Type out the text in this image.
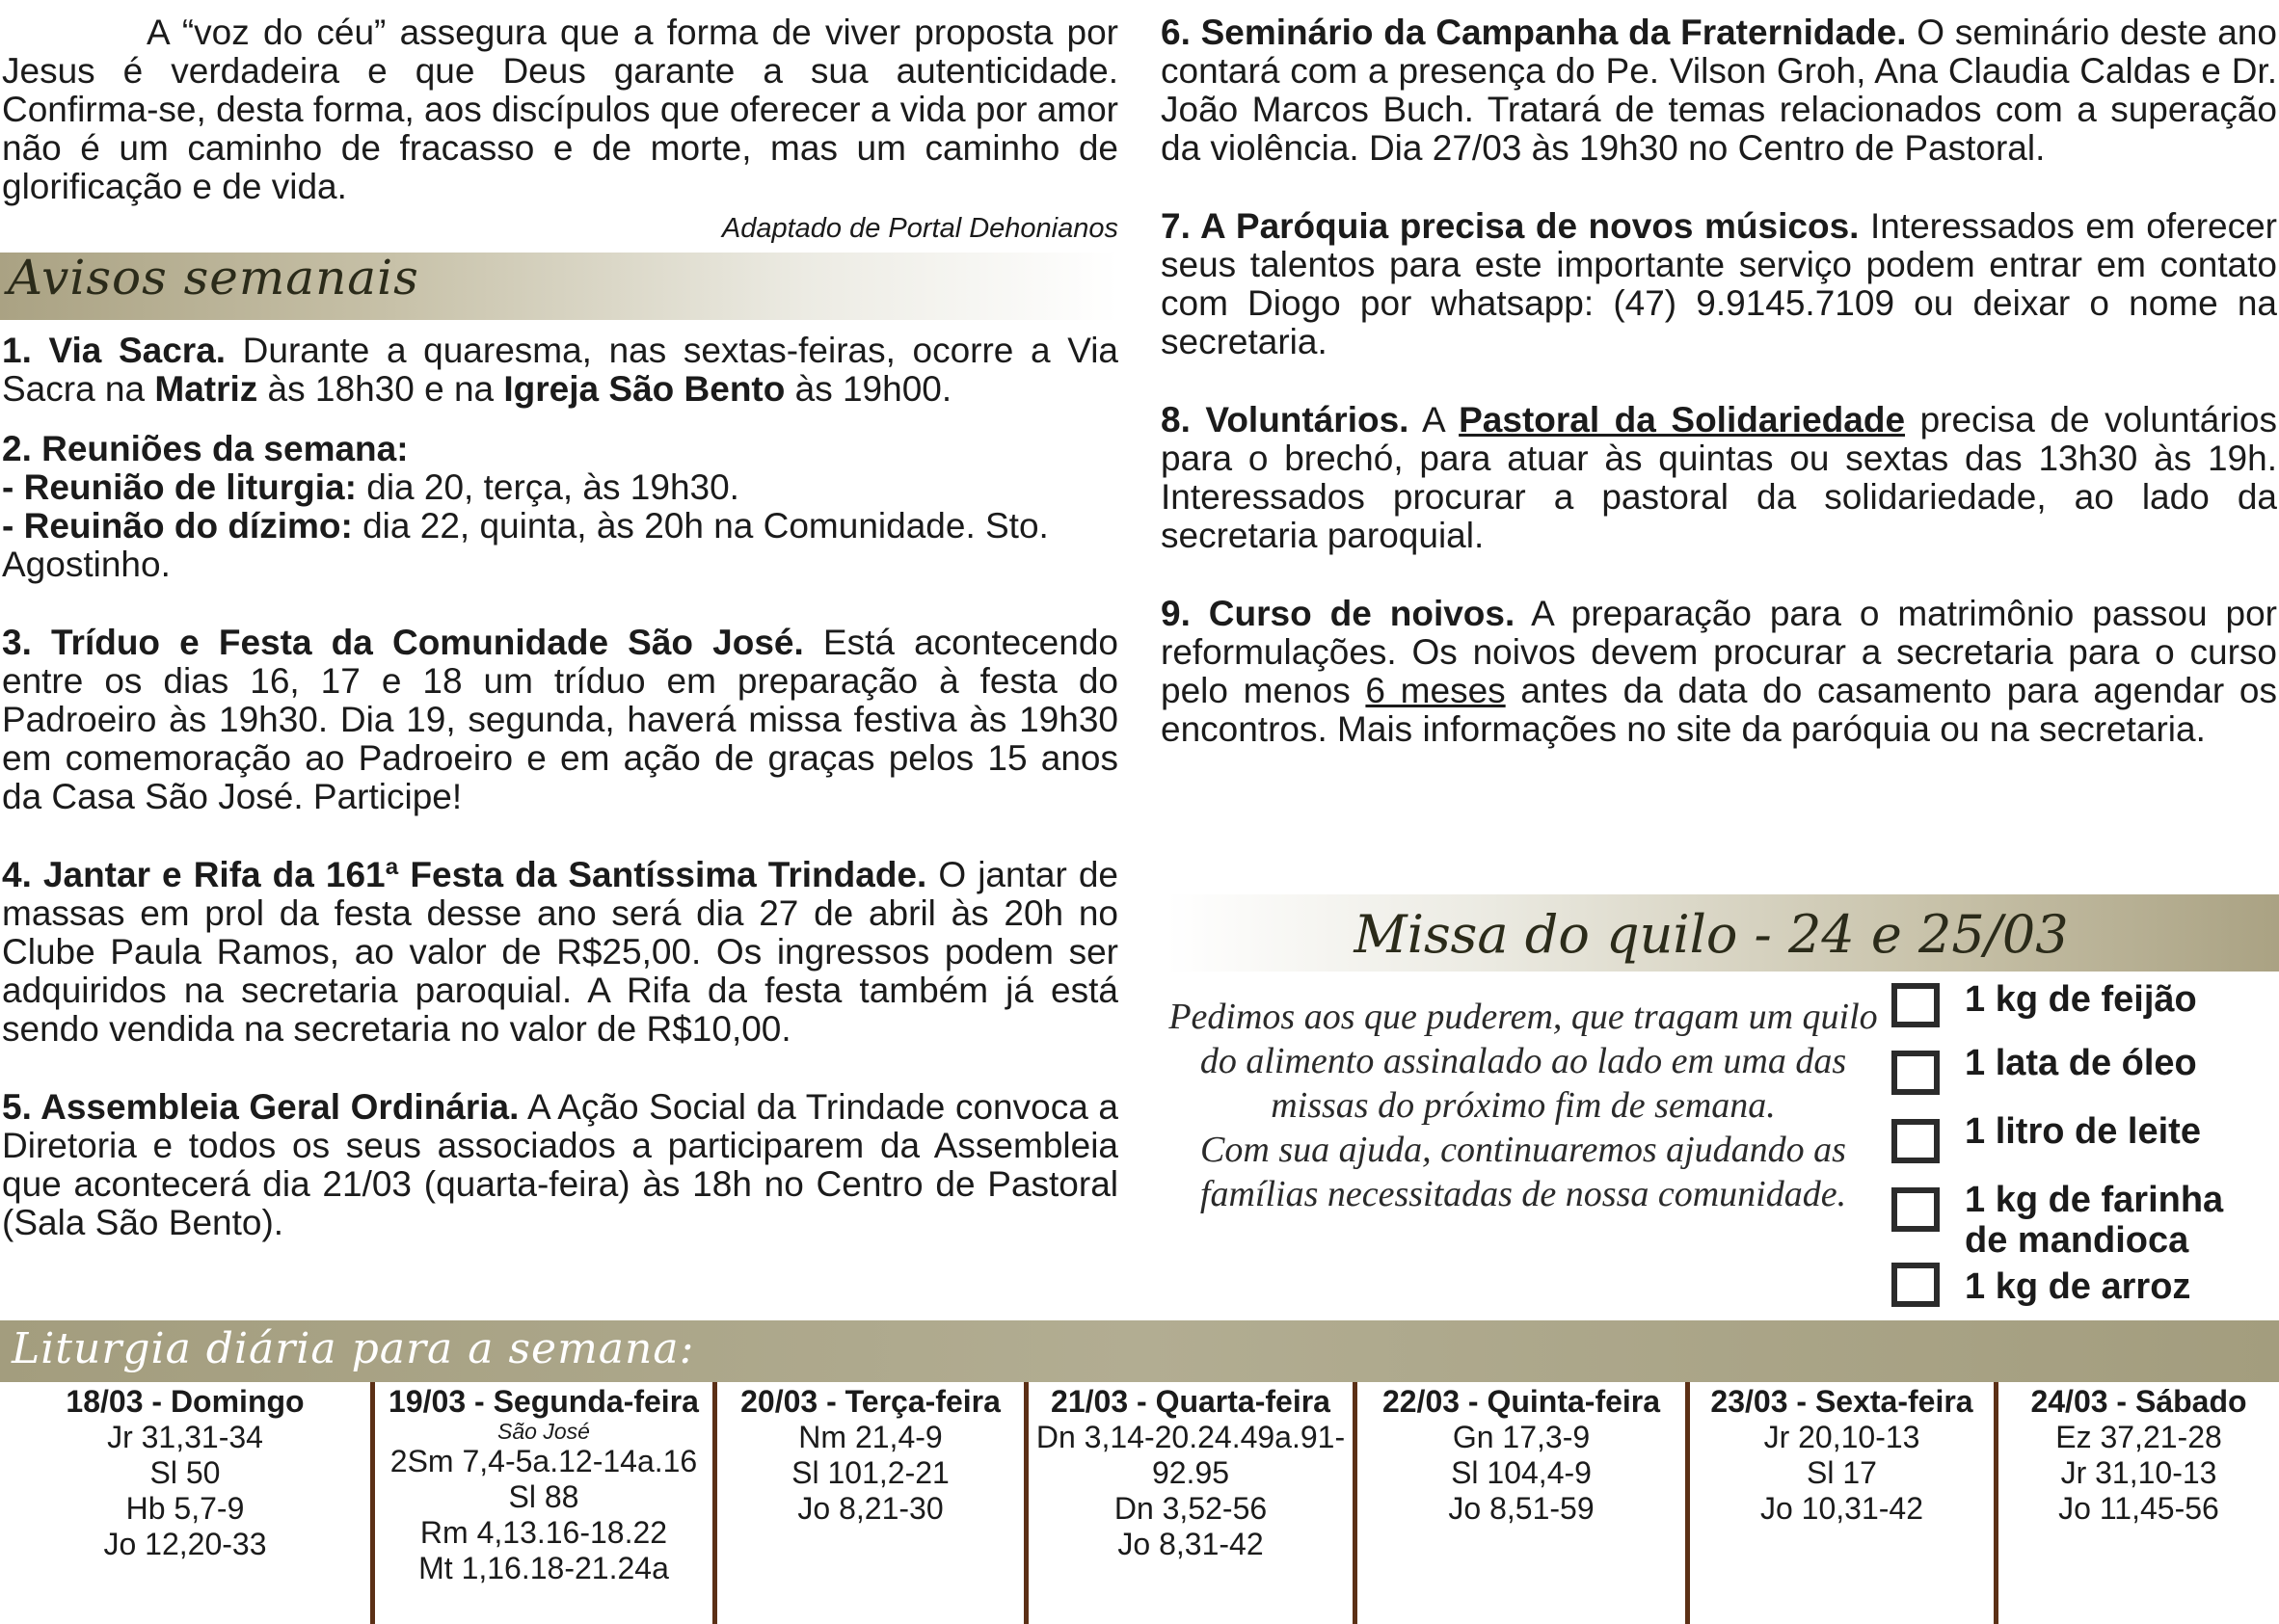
A “voz do céu” assegura que a forma de viver proposta por Jesus é verdadeira e que Deus garante a sua autenticidade. Confirma-se, desta forma, aos discípulos que oferecer a vida por amor não é um caminho de fracasso e de morte, mas um caminho de glorificação e de vida.

Adaptado de Portal Dehonianos

Avisos semanais

1. Via Sacra. Durante a quaresma, nas sextas-feiras, ocorre a Via Sacra na Matriz às 18h30 e na Igreja São Bento às 19h00.

2. Reuniões da semana:

- Reunião de liturgia: dia 20, terça, às 19h30.

- Reuinão do dízimo: dia 22, quinta, às 20h na Comunidade. Sto. Agostinho.

3. Tríduo e Festa da Comunidade São José. Está acontecendo entre os dias 16, 17 e 18 um tríduo em preparação à festa do Padroeiro às 19h30. Dia 19, segunda, haverá missa festiva às 19h30 em comemoração ao Padroeiro e em ação de graças pelos 15 anos da Casa São José. Participe!

4. Jantar e Rifa da 161ª Festa da Santíssima Trindade. O jantar de massas em prol da festa desse ano será dia 27 de abril às 20h no Clube Paula Ramos, ao valor de R$25,00. Os ingressos podem ser adquiridos na secretaria paroquial. A Rifa da festa também já está sendo vendida na secretaria no valor de R$10,00.

5. Assembleia Geral Ordinária. A Ação Social da Trindade convoca a Diretoria e todos os seus associados a participarem da Assembleia que acontecerá dia 21/03 (quarta-feira) às 18h no Centro de Pastoral (Sala São Bento).

6. Seminário da Campanha da Fraternidade. O seminário deste ano contará com a presença do Pe. Vilson Groh, Ana Claudia Caldas e Dr. João Marcos Buch. Tratará de temas relacionados com a superação da violência. Dia 27/03 às 19h30 no Centro de Pastoral.

7. A Paróquia precisa de novos músicos. Interessados em oferecer seus talentos para este importante serviço podem entrar em contato com Diogo por whatsapp: (47) 9.9145.7109 ou deixar o nome na secretaria.

8. Voluntários. A Pastoral da Solidariedade precisa de voluntários para o brechó, para atuar às quintas ou sextas das 13h30 às 19h. Interessados procurar a pastoral da solidariedade, ao lado da secretaria paroquial.

9. Curso de noivos. A preparação para o matrimônio passou por reformulações. Os noivos devem procurar a secretaria para o curso pelo menos 6 meses antes da data do casamento para agendar os encontros. Mais informações no site da paróquia ou na secretaria.

Missa do quilo - 24 e 25/03
Pedimos aos que puderem, que tragam um quilo do alimento assinalado ao lado em uma das missas do próximo fim de semana.
Com sua ajuda, continuaremos ajudando as famílias necessitadas de nossa comunidade.
1 kg de feijão
1 lata de óleo
1 litro de leite
1 kg de farinha de mandioca
1 kg de arroz
Liturgia diária para a semana:
18/03 - Domingo
Jr 31,31-34
Sl 50
Hb 5,7-9
Jo 12,20-33
19/03 - Segunda-feira
São José
2Sm 7,4-5a.12-14a.16
Sl 88
Rm 4,13.16-18.22
Mt 1,16.18-21.24a
20/03 - Terça-feira
Nm 21,4-9
Sl 101,2-21
Jo 8,21-30
21/03 - Quarta-feira
Dn 3,14-20.24.49a.91-92.95
Dn 3,52-56
Jo 8,31-42
22/03 - Quinta-feira
Gn 17,3-9
Sl 104,4-9
Jo 8,51-59
23/03 - Sexta-feira
Jr 20,10-13
Sl 17
Jo 10,31-42
24/03 - Sábado
Ez 37,21-28
Jr 31,10-13
Jo 11,45-56
